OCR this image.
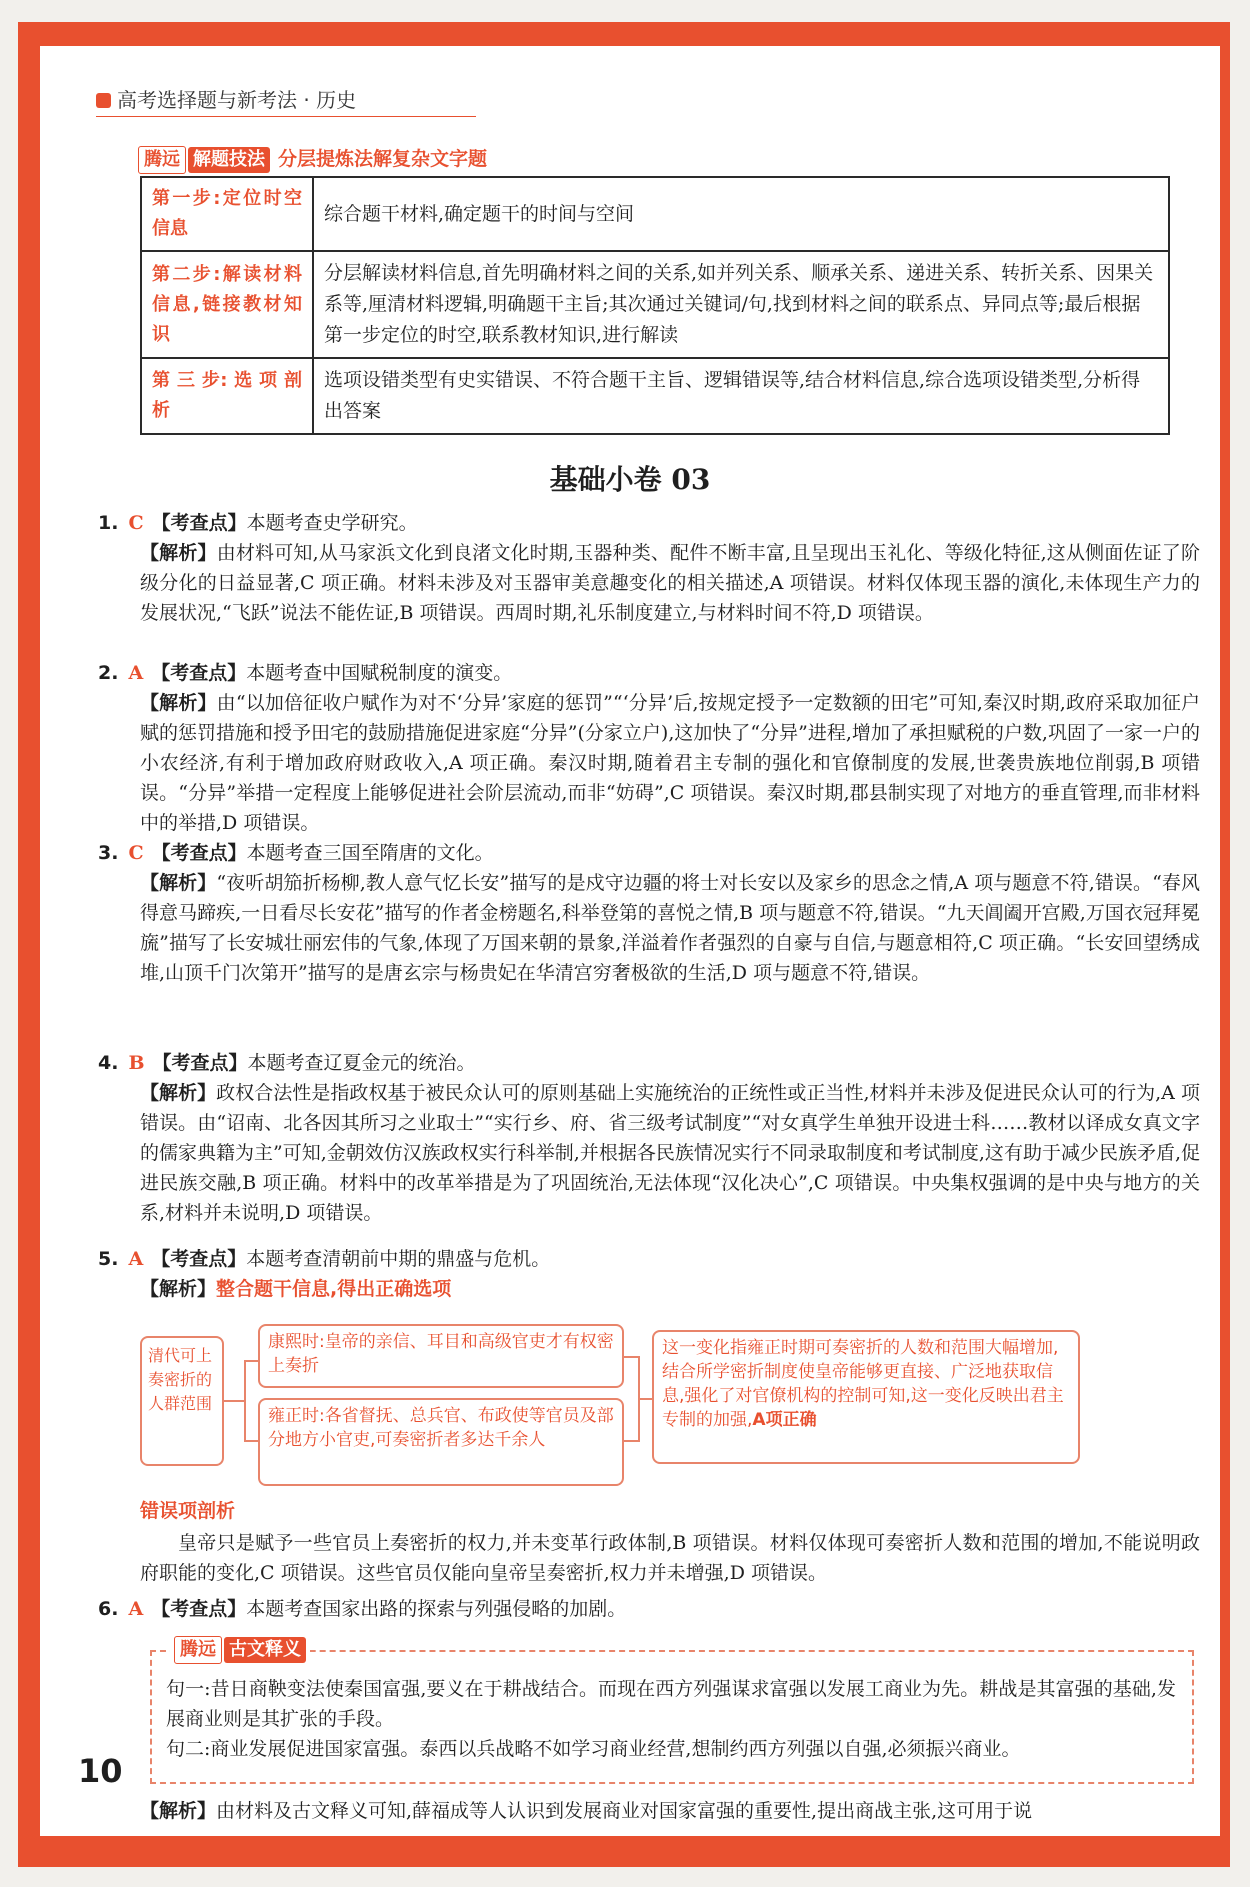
高考选择题与新考法 · 历史
腾远 解题技法 分层提炼法解复杂文字题
第一步:定位时空信息	综合题干材料,确定题干的时间与空间
第二步:解读材料信息,链接教材知识	分层解读材料信息,首先明确材料之间的关系,如并列关系、顺承关系、递进关系、转折关系、因果关系等,厘清材料逻辑,明确题干主旨;其次通过关键词/句,找到材料之间的联系点、异同点等;最后根据第一步定位的时空,联系教材知识,进行解读
第 三 步: 选 项 剖析	选项设错类型有史实错误、不符合题干主旨、逻辑错误等,结合材料信息,综合选项设错类型,分析得出答案
基础小卷 03
1. C 【考查点】本题考查史学研究。
【解析】由材料可知,从马家浜文化到良渚文化时期,玉器种类、配件不断丰富,且呈现出玉礼化、等级化特征,这从侧面佐证了阶级分化的日益显著,C 项正确。材料未涉及对玉器审美意趣变化的相关描述,A 项错误。材料仅体现玉器的演化,未体现生产力的发展状况,“飞跃”说法不能佐证,B 项错误。西周时期,礼乐制度建立,与材料时间不符,D 项错误。
2. A 【考查点】本题考查中国赋税制度的演变。
【解析】由“以加倍征收户赋作为对不‘分异’家庭的惩罚”“‘分异’后,按规定授予一定数额的田宅”可知,秦汉时期,政府采取加征户赋的惩罚措施和授予田宅的鼓励措施促进家庭“分异”(分家立户),这加快了“分异”进程,增加了承担赋税的户数,巩固了一家一户的小农经济,有利于增加政府财政收入,A 项正确。秦汉时期,随着君主专制的强化和官僚制度的发展,世袭贵族地位削弱,B 项错误。“分异”举措一定程度上能够促进社会阶层流动,而非“妨碍”,C 项错误。秦汉时期,郡县制实现了对地方的垂直管理,而非材料中的举措,D 项错误。
3. C 【考查点】本题考查三国至隋唐的文化。
【解析】“夜听胡笳折杨柳,教人意气忆长安”描写的是戍守边疆的将士对长安以及家乡的思念之情,A 项与题意不符,错误。“春风得意马蹄疾,一日看尽长安花”描写的作者金榜题名,科举登第的喜悦之情,B 项与题意不符,错误。“九天阊阖开宫殿,万国衣冠拜冕旒”描写了长安城壮丽宏伟的气象,体现了万国来朝的景象,洋溢着作者强烈的自豪与自信,与题意相符,C 项正确。“长安回望绣成堆,山顶千门次第开”描写的是唐玄宗与杨贵妃在华清宫穷奢极欲的生活,D 项与题意不符,错误。
4. B 【考查点】本题考查辽夏金元的统治。
【解析】政权合法性是指政权基于被民众认可的原则基础上实施统治的正统性或正当性,材料并未涉及促进民众认可的行为,A 项错误。由“诏南、北各因其所习之业取士”“实行乡、府、省三级考试制度”“对女真学生单独开设进士科……教材以译成女真文字的儒家典籍为主”可知,金朝效仿汉族政权实行科举制,并根据各民族情况实行不同录取制度和考试制度,这有助于减少民族矛盾,促进民族交融,B 项正确。材料中的改革举措是为了巩固统治,无法体现“汉化决心”,C 项错误。中央集权强调的是中央与地方的关系,材料并未说明,D 项错误。
5. A 【考查点】本题考查清朝前中期的鼎盛与危机。
【解析】整合题干信息,得出正确选项
清代可上奏密折的人群范围
康熙时:皇帝的亲信、耳目和高级官吏才有权密上奏折
雍正时:各省督抚、总兵官、布政使等官员及部分地方小官吏,可奏密折者多达千余人
这一变化指雍正时期可奏密折的人数和范围大幅增加,结合所学密折制度使皇帝能够更直接、广泛地获取信息,强化了对官僚机构的控制可知,这一变化反映出君主专制的加强,A项正确
错误项剖析
皇帝只是赋予一些官员上奏密折的权力,并未变革行政体制,B 项错误。材料仅体现可奏密折人数和范围的增加,不能说明政府职能的变化,C 项错误。这些官员仅能向皇帝呈奏密折,权力并未增强,D 项错误。
6. A 【考查点】本题考查国家出路的探索与列强侵略的加剧。
腾远 古文释义
句一:昔日商鞅变法使秦国富强,要义在于耕战结合。而现在西方列强谋求富强以发展工商业为先。耕战是其富强的基础,发展商业则是其扩张的手段。
句二:商业发展促进国家富强。泰西以兵战略不如学习商业经营,想制约西方列强以自强,必须振兴商业。
【解析】由材料及古文释义可知,薛福成等人认识到发展商业对国家富强的重要性,提出商战主张,这可用于说
10
